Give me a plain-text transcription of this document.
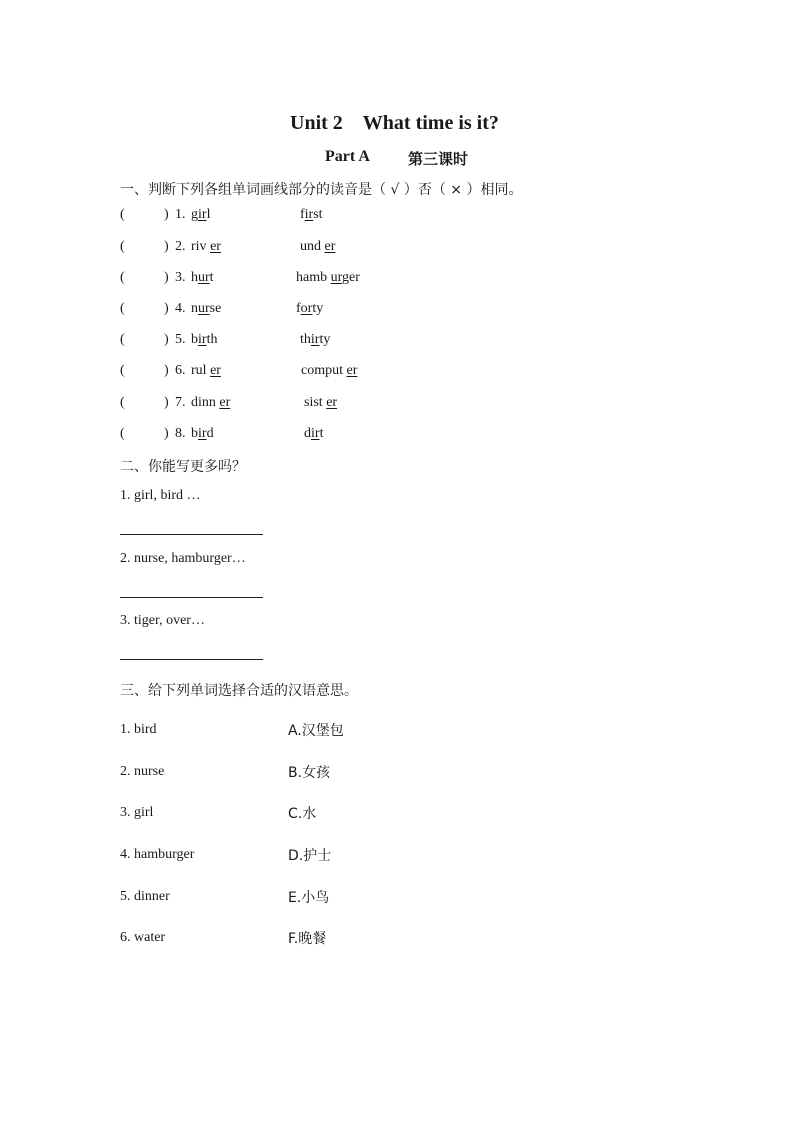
Unit 2　What time is it?
Part A	第三课时
一、判断下列各组单词画线部分的读音是（ √ ）否（ × ）相同。
(	) 1. girl	first
(	) 2. riv er	und er
(	) 3. hurt	hamb urger
(	) 4. nurse	forty
(	) 5. birth	thirty
(	) 6. rul er	comput er
(	) 7. dinn er	sist er
(	) 8. bird	dirt
二、你能写更多吗？
1. girl, bird …
2. nurse, hamburger…
3. tiger, over…
三、给下列单词选择合适的汉语意思。
1. bird	A.汉堡包
2. nurse	B.女孩
3. girl	C.水
4. hamburger	D.护士
5. dinner	E.小鸟
6. water	F.晚餐
